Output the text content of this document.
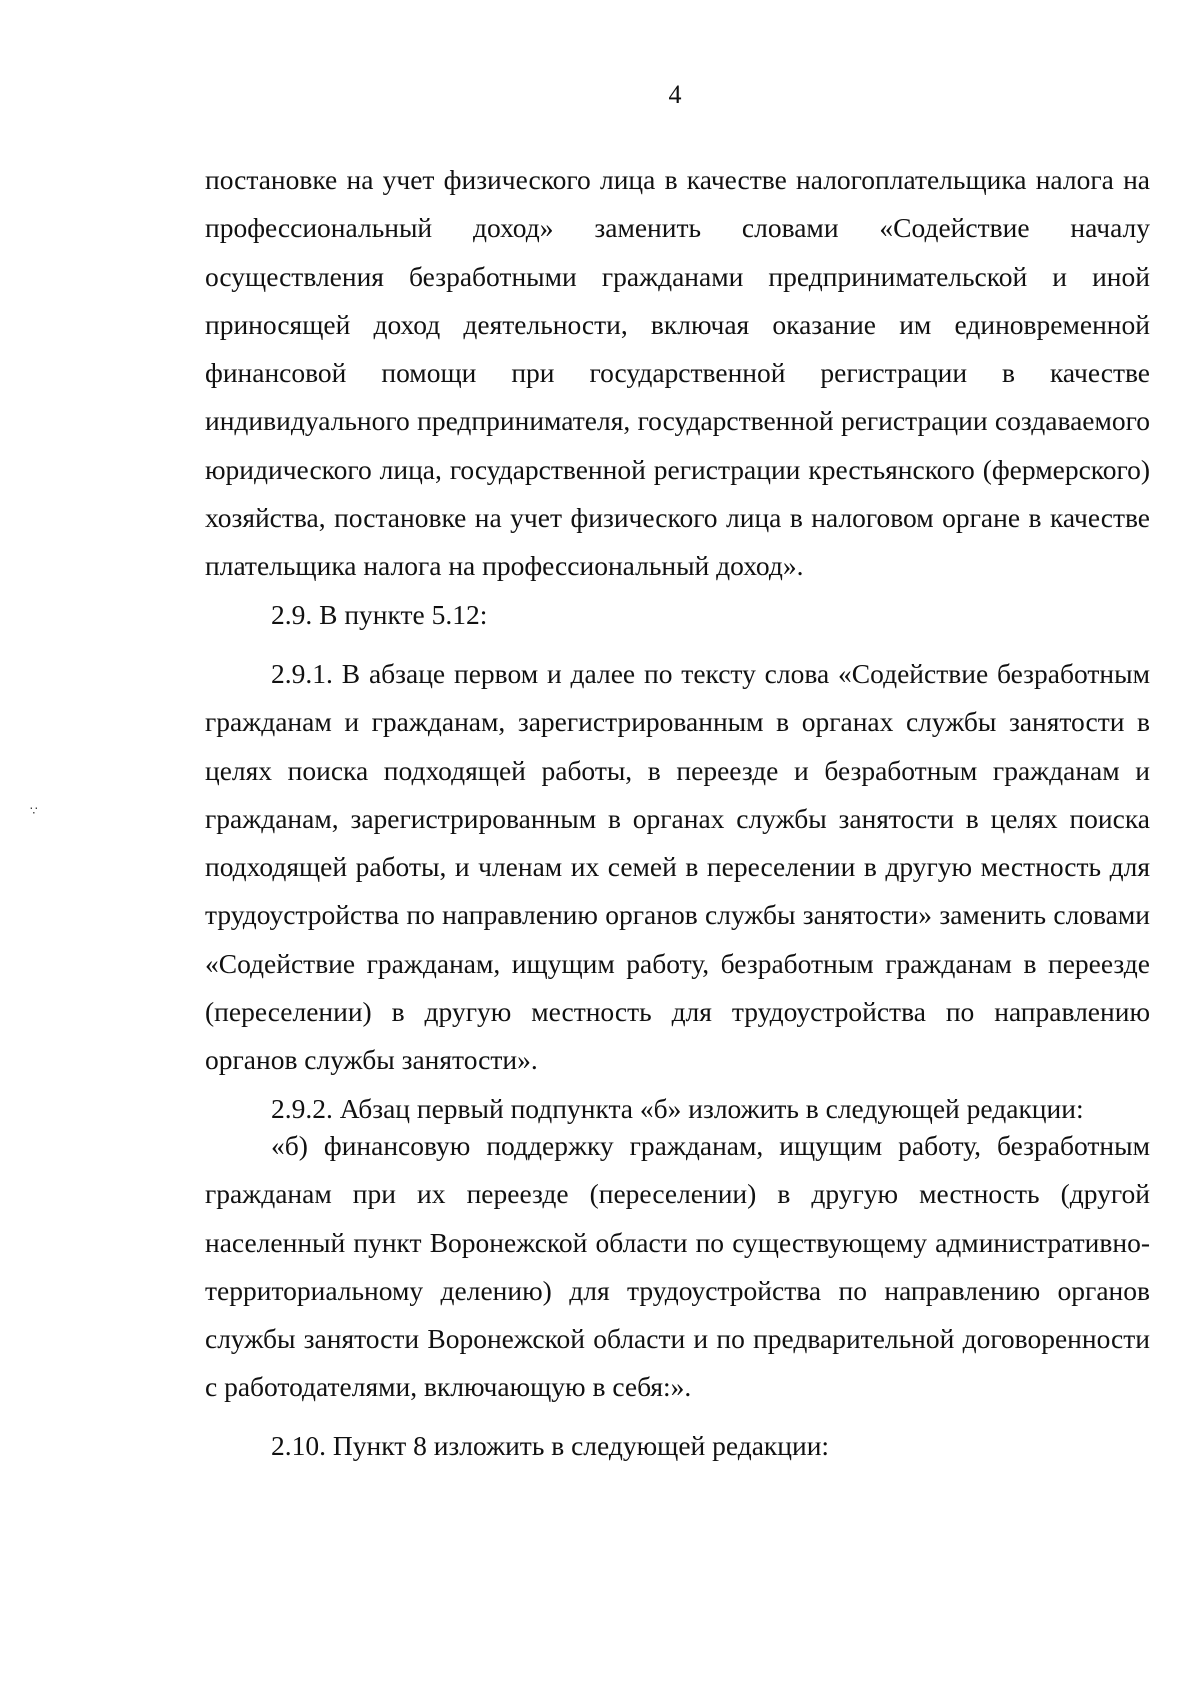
4
∵

постановке на учет физического лица в качестве налогоплательщика налога на профессиональный доход» заменить словами «Содействие началу осуществления безработными гражданами предпринимательской и иной приносящей доход деятельности, включая оказание им единовременной финансовой помощи при государственной регистрации в качестве индивидуального предпринимателя, государственной регистрации создаваемого юридического лица, государственной регистрации крестьянского (фермерского) хозяйства, постановке на учет физического лица в налоговом органе в качестве плательщика налога на профессиональный доход».

2.9. В пункте 5.12:

2.9.1. В абзаце первом и далее по тексту слова «Содействие безработным гражданам и гражданам, зарегистрированным в органах службы занятости в целях поиска подходящей работы, в переезде и безработным гражданам и гражданам, зарегистрированным в органах службы занятости в целях поиска подходящей работы, и членам их семей в переселении в другую местность для трудоустройства по направлению органов службы занятости» заменить словами «Содействие гражданам, ищущим работу, безработным гражданам в переезде (переселении) в другую местность для трудоустройства по направлению органов службы занятости».

2.9.2. Абзац первый подпункта «б» изложить в следующей редакции:

«б) финансовую поддержку гражданам, ищущим работу, безработным гражданам при их переезде (переселении) в другую местность (другой населенный пункт Воронежской области по существующему административно-территориальному делению) для трудоустройства по направлению органов службы занятости Воронежской области и по предварительной договоренности с работодателями, включающую в себя:».

2.10. Пункт 8 изложить в следующей редакции:
